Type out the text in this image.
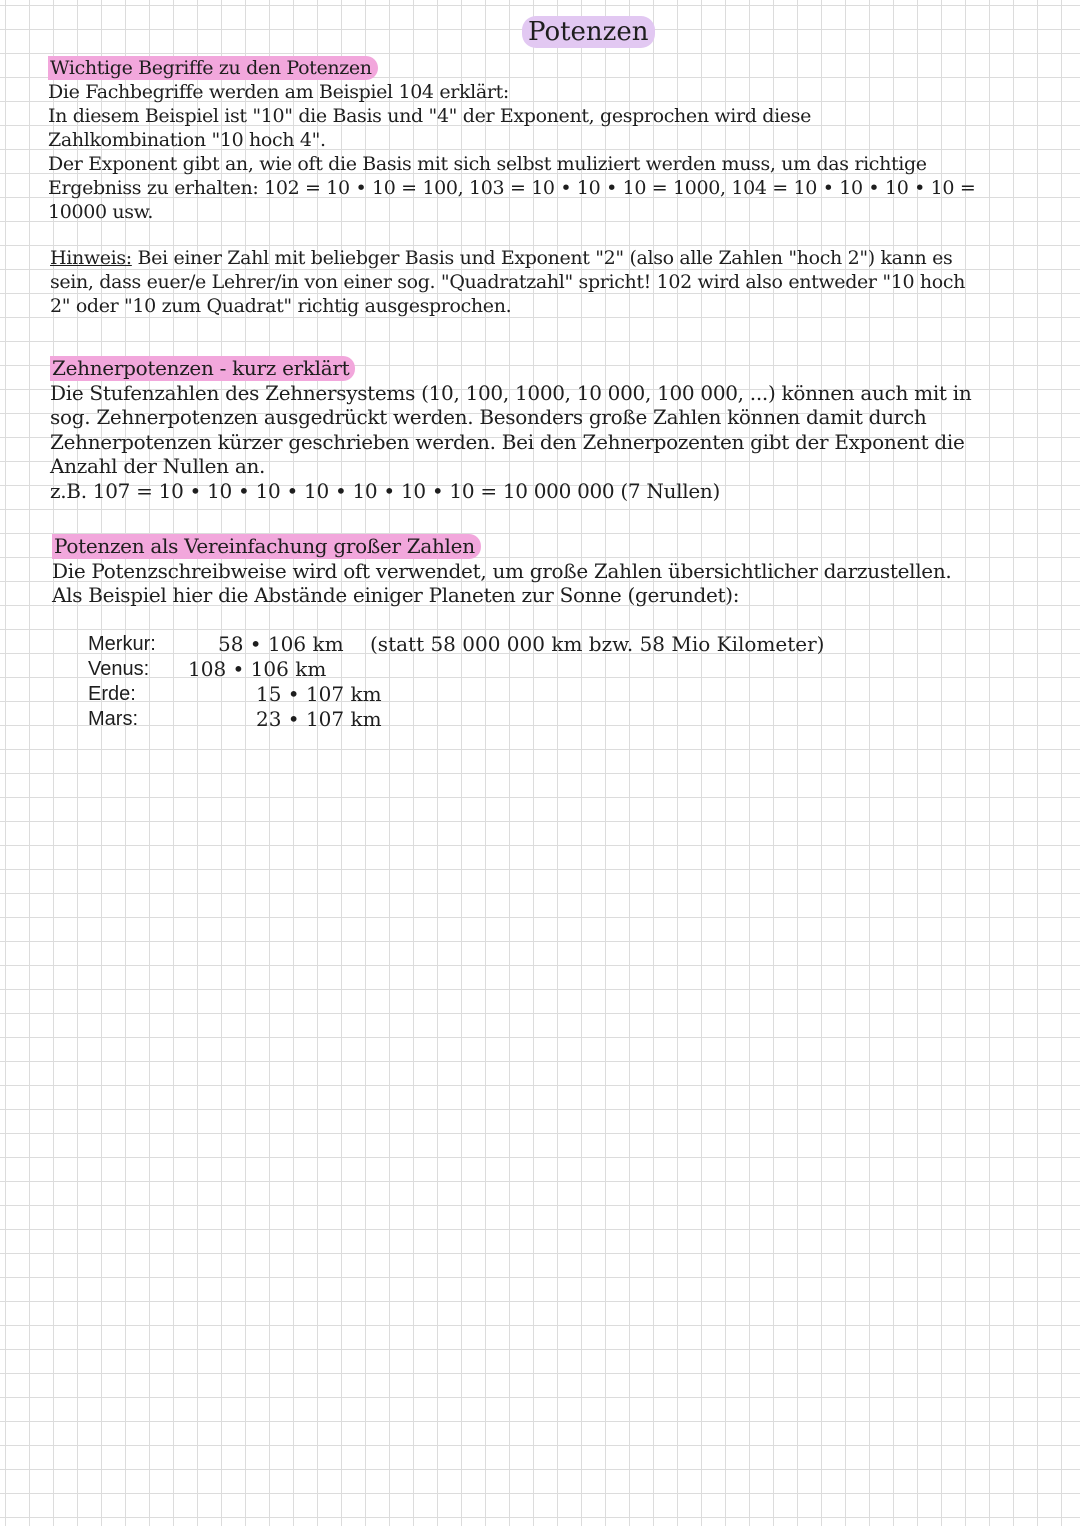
Potenzen
Wichtige Begriffe zu den Potenzen
Die Fachbegriffe werden am Beispiel 104 erklärt:
In diesem Beispiel ist "10" die Basis und "4" der Exponent, gesprochen wird diese
Zahlkombination "10 hoch 4".
Der Exponent gibt an, wie oft die Basis mit sich selbst muliziert werden muss, um das richtige
Ergebniss zu erhalten: 102 = 10 • 10 = 100, 103 = 10 • 10 • 10 = 1000, 104 = 10 • 10 • 10 • 10 =
10000 usw.
Hinweis: Bei einer Zahl mit beliebger Basis und Exponent "2" (also alle Zahlen "hoch 2") kann es
sein, dass euer/e Lehrer/in von einer sog. "Quadratzahl" spricht! 102 wird also entweder "10 hoch
2" oder "10 zum Quadrat" richtig ausgesprochen.
Zehnerpotenzen - kurz erklärt
Die Stufenzahlen des Zehnersystems (10, 100, 1000, 10 000, 100 000, ...) können auch mit in
sog. Zehnerpotenzen ausgedrückt werden. Besonders große Zahlen können damit durch
Zehnerpotenzen kürzer geschrieben werden. Bei den Zehnerpozenten gibt der Exponent die
Anzahl der Nullen an.
z.B. 107 = 10 • 10 • 10 • 10 • 10 • 10 • 10 = 10 000 000 (7 Nullen)
Potenzen als Vereinfachung großer Zahlen
Die Potenzschreibweise wird oft verwendet, um große Zahlen übersichtlicher darzustellen.
Als Beispiel hier die Abstände einiger Planeten zur Sonne (gerundet):
Merkur:	58 • 106 km (statt 58 000 000 km bzw. 58 Mio Kilometer)
Venus: 108 • 106 km
Erde:	15 • 107 km
Mars:	23 • 107 km
